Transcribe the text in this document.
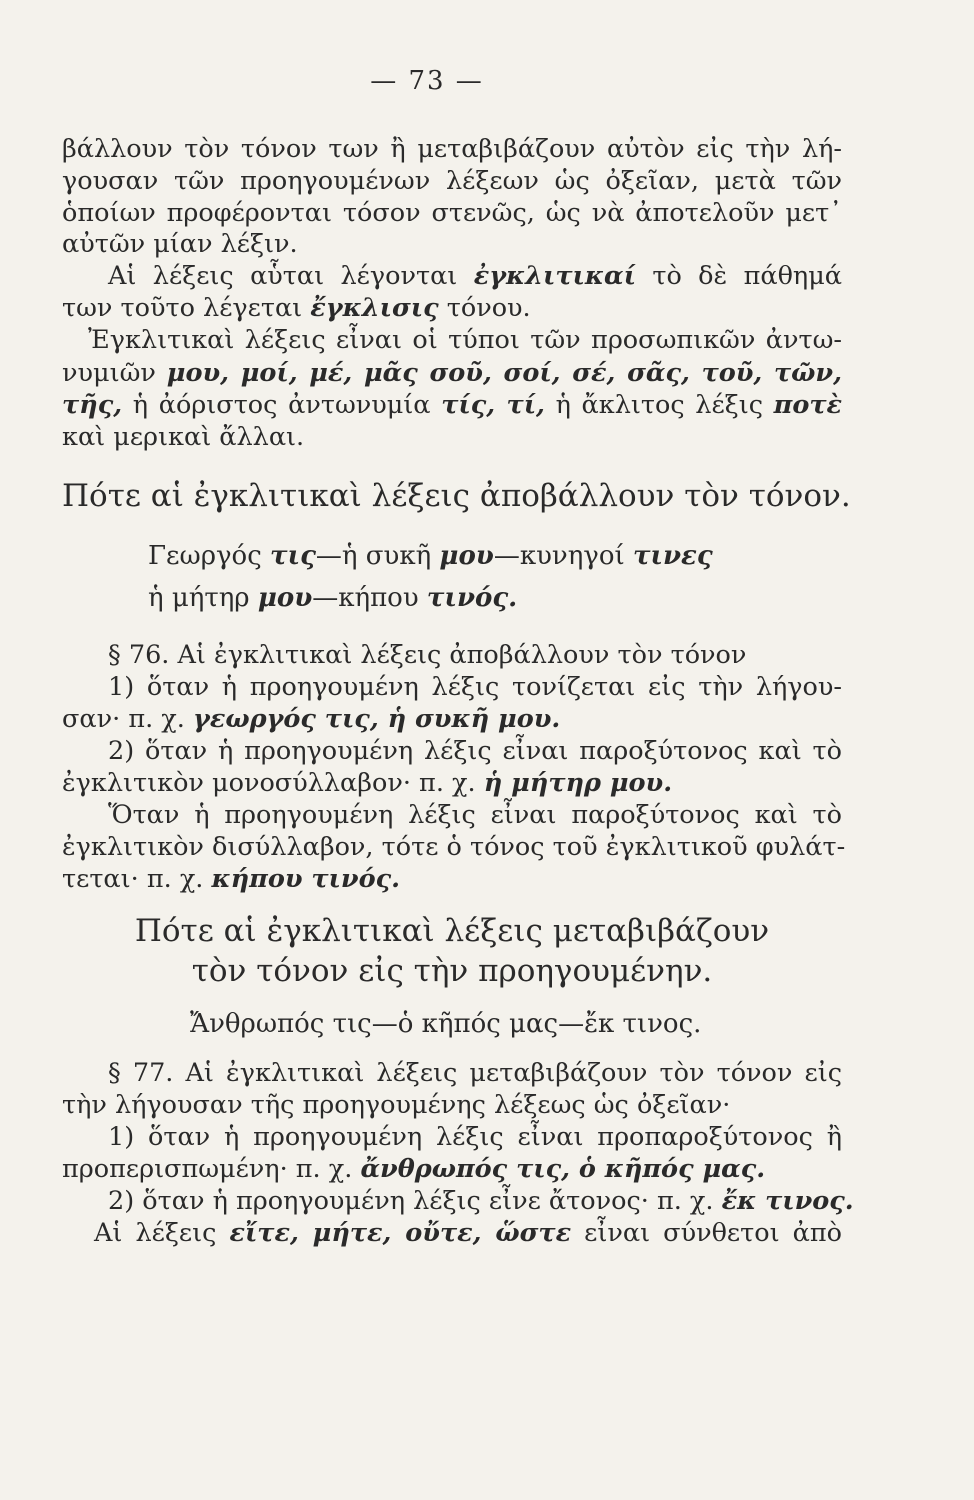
— 73 —
βάλλουν τὸν τόνον των ἢ μεταβιβάζουν αὐτὸν εἰς τὴν λή-
γουσαν τῶν προηγουμένων λέξεων ὡς ὀξεῖαν, μετὰ τῶν
ὁποίων προφέρονται τόσον στενῶς, ὡς νὰ ἀποτελοῦν μετ᾽
αὐτῶν μίαν λέξιν.
Αἱ λέξεις αὗται λέγονται ἐγκλιτικαί τὸ δὲ πάθημά
των τοῦτο λέγεται ἔγκλισις τόνου.
Ἐγκλιτικαὶ λέξεις εἶναι οἱ τύποι τῶν προσωπικῶν ἀντω-
νυμιῶν μου, μοί, μέ, μᾶς σοῦ, σοί, σέ, σᾶς, τοῦ, τῶν,
τῆς, ἡ ἀόριστος ἀντωνυμία τίς, τί, ἡ ἄκλιτος λέξις ποτὲ
καὶ μερικαὶ ἄλλαι.
Πότε αἱ ἐγκλιτικαὶ λέξεις ἀποβάλλουν τὸν τόνον.
Γεωργός τις—ἡ συκῆ μου—κυνηγοί τινες
ἡ μήτηρ μου—κήπου τινός.
§ 76. Αἱ ἐγκλιτικαὶ λέξεις ἀποβάλλουν τὸν τόνον
1) ὅταν ἡ προηγουμένη λέξις τονίζεται εἰς τὴν λήγου-
σαν· π. χ. γεωργός τις, ἡ συκῆ μου.
2) ὅταν ἡ προηγουμένη λέξις εἶναι παροξύτονος καὶ τὸ
ἐγκλιτικὸν μονοσύλλαβον· π. χ. ἡ μήτηρ μου.
Ὅταν ἡ προηγουμένη λέξις εἶναι παροξύτονος καὶ τὸ
ἐγκλιτικὸν δισύλλαβον, τότε ὁ τόνος τοῦ ἐγκλιτικοῦ φυλάτ-
τεται· π. χ. κήπου τινός.
Πότε αἱ ἐγκλιτικαὶ λέξεις μεταβιβάζουν
τὸν τόνον εἰς τὴν προηγουμένην.
Ἄνθρωπός τις—ὁ κῆπός μας—ἔκ τινος.
§ 77. Αἱ ἐγκλιτικαὶ λέξεις μεταβιβάζουν τὸν τόνον εἰς
τὴν λήγουσαν τῆς προηγουμένης λέξεως ὡς ὀξεῖαν·
1) ὅταν ἡ προηγουμένη λέξις εἶναι προπαροξύτονος ἢ
προπερισπωμένη· π. χ. ἄνθρωπός τις, ὁ κῆπός μας.
2) ὅταν ἡ προηγουμένη λέξις εἶνε ἄτονος· π. χ. ἔκ τινος.
Αἱ λέξεις εἴτε, μήτε, οὔτε, ὥστε εἶναι σύνθετοι ἀπὸ
